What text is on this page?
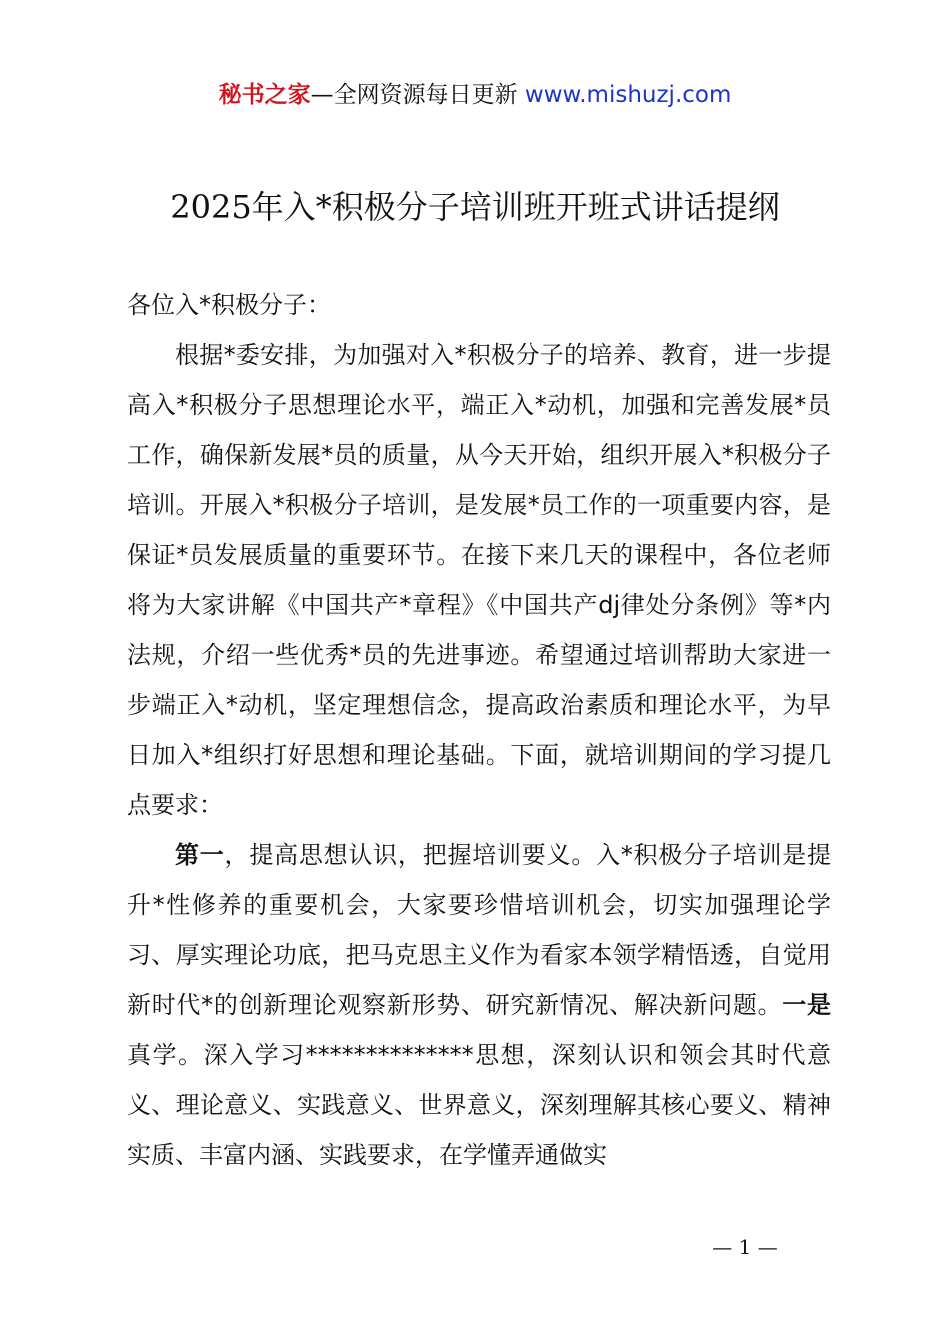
秘书之家—全网资源每日更新 www.mishuzj.com
2025年入*积极分子培训班开班式讲话提纲

各位入*积极分子：

根据*委安排，为加强对入*积极分子的培养、教育，进一步提高入*积极分子思想理论水平，端正入*动机，加强和完善发展*员工作，确保新发展*员的质量，从今天开始，组织开展入*积极分子培训。开展入*积极分子培训，是发展*员工作的一项重要内容，是保证*员发展质量的重要环节。在接下来几天的课程中，各位老师将为大家讲解《中国共产*章程》《中国共产dj律处分条例》等*内法规，介绍一些优秀*员的先进事迹。希望通过培训帮助大家进一步端正入*动机，坚定理想信念，提高政治素质和理论水平，为早日加入*组织打好思想和理论基础。下面，就培训期间的学习提几点要求：

第一，提高思想认识，把握培训要义。入*积极分子培训是提升*性修养的重要机会，大家要珍惜培训机会，切实加强理论学习、厚实理论功底，把马克思主义作为看家本领学精悟透，自觉用新时代*的创新理论观察新形势、研究新情况、解决新问题。一是真学。深入学习**************思想，深刻认识和领会其时代意义、理论意义、实践意义、世界意义，深刻理解其核心要义、精神实质、丰富内涵、实践要求，在学懂弄通做实

— 1 —
